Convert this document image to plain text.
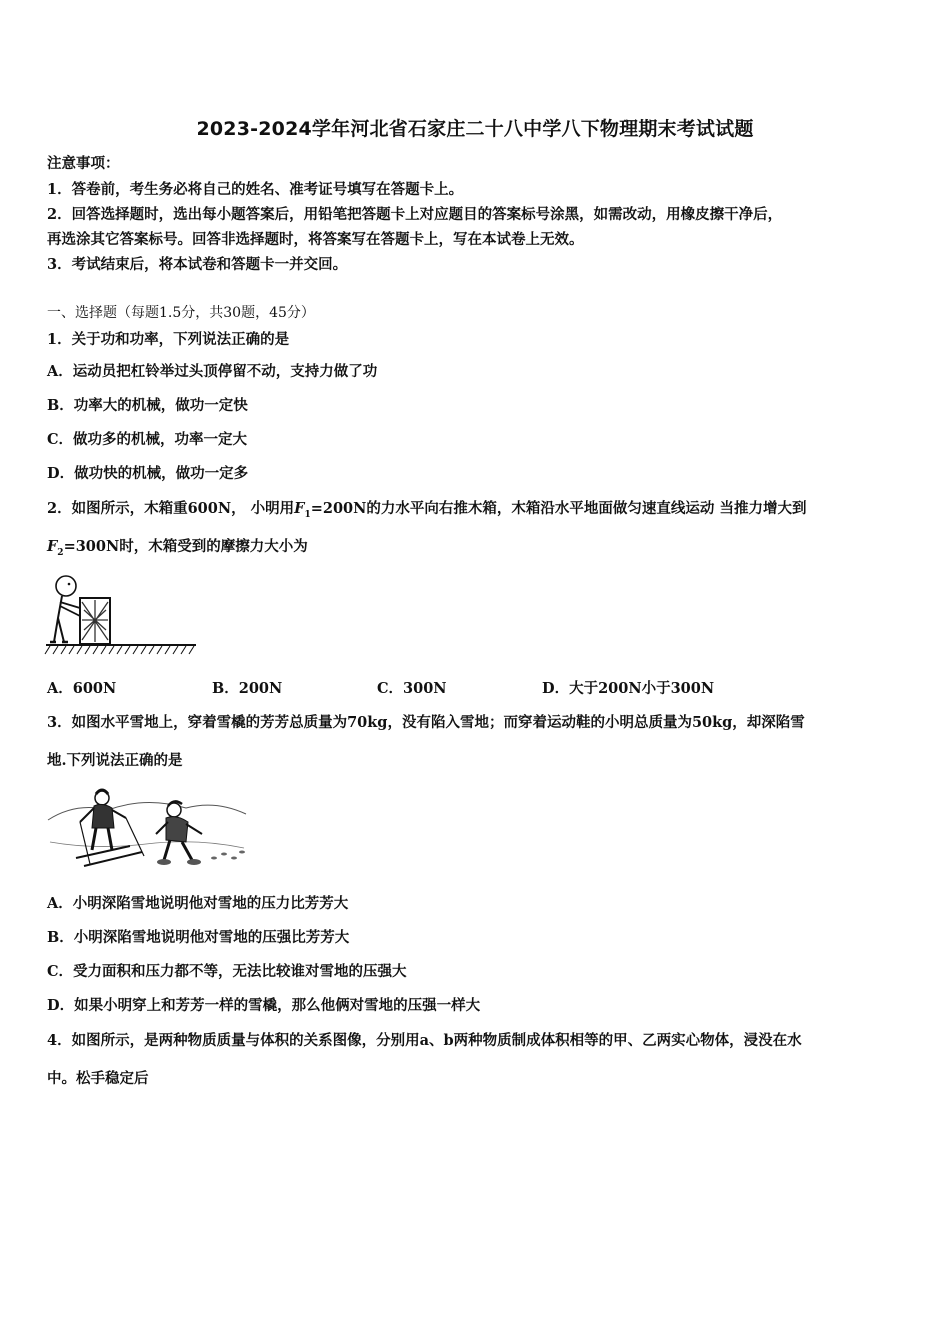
2023-2024学年河北省石家庄二十八中学八下物理期末考试试题
注意事项：
1．答卷前，考生务必将自己的姓名、准考证号填写在答题卡上。
2．回答选择题时，选出每小题答案后，用铅笔把答题卡上对应题目的答案标号涂黑，如需改动，用橡皮擦干净后，
再选涂其它答案标号。回答非选择题时，将答案写在答题卡上，写在本试卷上无效。
3．考试结束后，将本试卷和答题卡一并交回。
一、选择题（每题1.5分，共30题，45分）
1．关于功和功率，下列说法正确的是
A．运动员把杠铃举过头顶停留不动，支持力做了功
B．功率大的机械，做功一定快
C．做功多的机械，功率一定大
D．做功快的机械，做功一定多
2．如图所示，木箱重600N， 小明用$F_1=200N$的力水平向右推木箱，木箱沿水平地面做匀速直线运动 当推力增大到
$F_2=300N$时，木箱受到的摩擦力大小为
A．600N	B．200N	C．300N	D．大于200N小于300N
3．如图水平雪地上，穿着雪橇的芳芳总质量为70kg，没有陷入雪地；而穿着运动鞋的小明总质量为50kg，却深陷雪
地.下列说法正确的是
A．小明深陷雪地说明他对雪地的压力比芳芳大
B．小明深陷雪地说明他对雪地的压强比芳芳大
C．受力面积和压力都不等，无法比较谁对雪地的压强大
D．如果小明穿上和芳芳一样的雪橇，那么他俩对雪地的压强一样大
4．如图所示，是两种物质质量与体积的关系图像，分别用a、b两种物质制成体积相等的甲、乙两实心物体，浸没在水
中。松手稳定后
